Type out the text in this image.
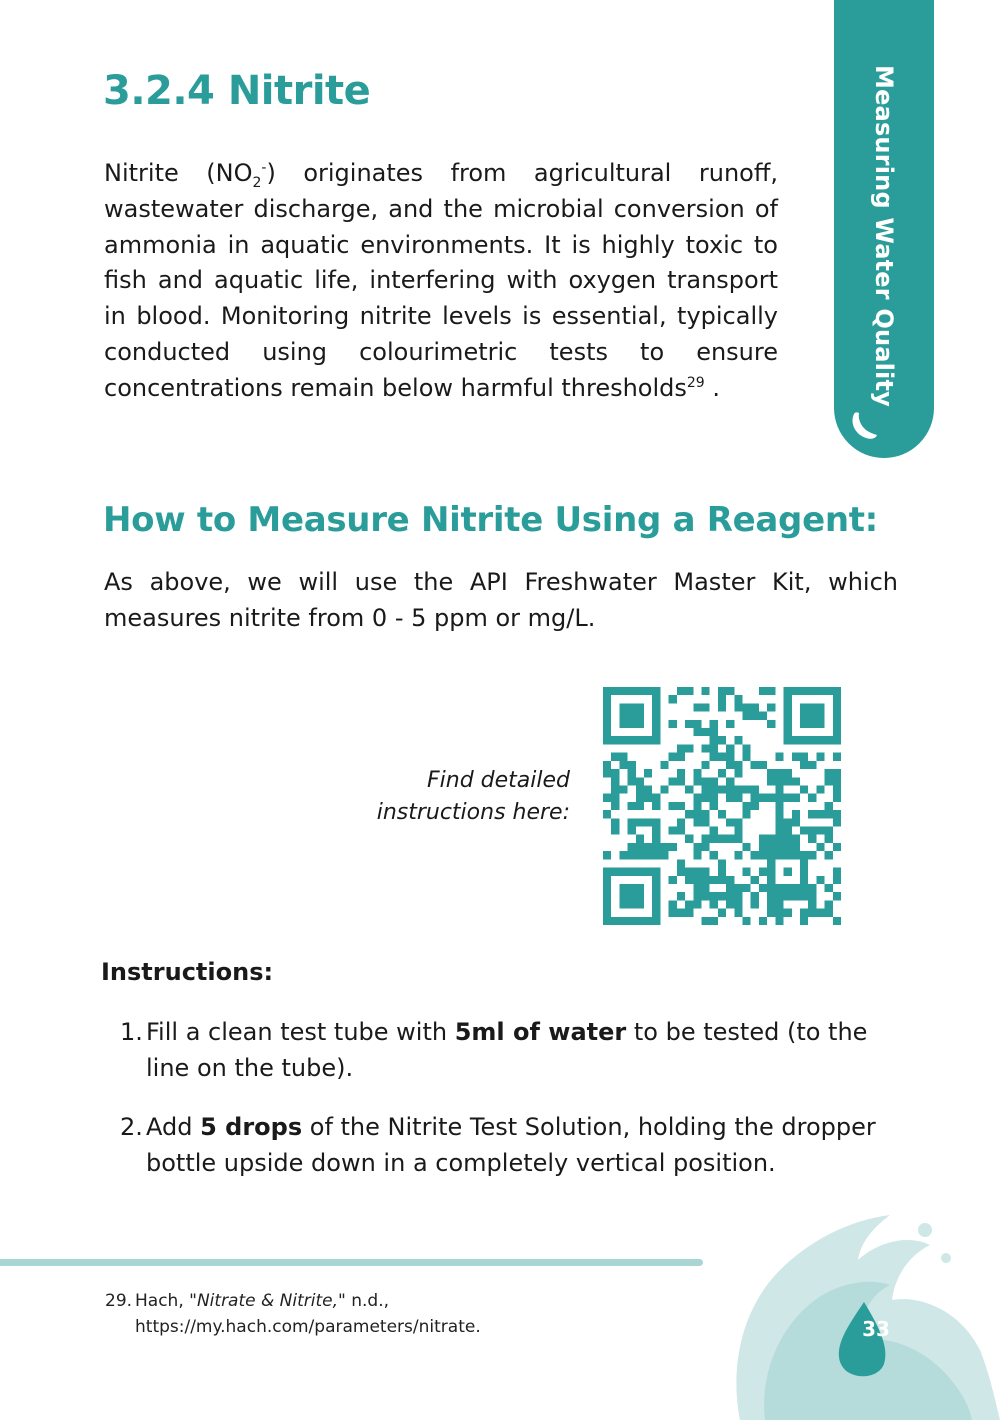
Measuring Water Quality
3.2.4 Nitrite

Nitrite $(NO_2^-)$ originates from agricultural runoff, wastewater discharge, and the microbial conversion of ammonia in aquatic environments. It is highly toxic to fish and aquatic life, interfering with oxygen transport in blood. Monitoring nitrite levels is essential, typically conducted using colourimetric tests to ensure concentrations remain below harmful thresholds$^{29}$ .

How to Measure Nitrite Using a Reagent:

As above, we will use the API Freshwater Master Kit, which measures nitrite from 0 - 5 ppm or mg/L.

Find detailed
instructions here:

Instructions:

1. Fill a clean test tube with 5ml of water to be tested (to the line on the tube).

2. Add 5 drops of the Nitrite Test Solution, holding the dropper bottle upside down in a completely vertical position.

29. Hach, "Nitrate & Nitrite," n.d.,
https://my.hach.com/parameters/nitrate.	33
